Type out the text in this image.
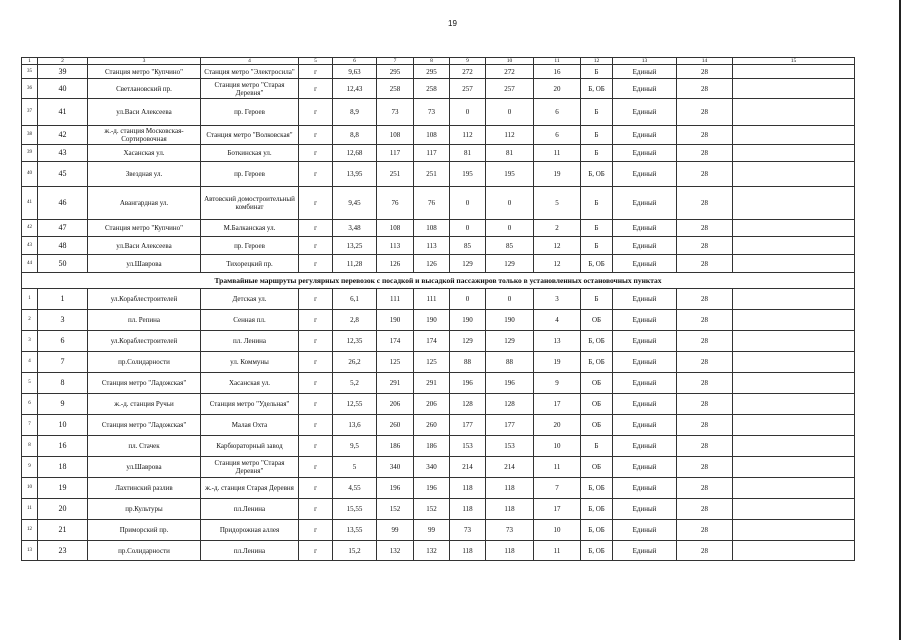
19
1	2	3	4	5	6	7	8	9	10	11	12	13	14	15
35	39	Станция метро "Купчино"	Станция метро "Электросила"	г	9,63	295	295	272	272	16	Б	Единый	28	
36	40	Светлановский пр.	Станция метро "Старая Деревня"	г	12,43	258	258	257	257	20	Б, ОБ	Единый	28	
37	41	ул.Васи Алексеева	пр. Героев	г	8,9	73	73	0	0	6	Б	Единый	28	
38	42	ж.-д. станция Московская-Сортировочная	Станция метро "Волковская"	г	8,8	108	108	112	112	6	Б	Единый	28	
39	43	Хасанская ул.	Боткинская ул.	г	12,68	117	117	81	81	11	Б	Единый	28	
40	45	Звездная ул.	пр. Героев	г	13,95	251	251	195	195	19	Б, ОБ	Единый	28	
41	46	Авангардная ул.	Автовский домостроительный комбинат	г	9,45	76	76	0	0	5	Б	Единый	28	
42	47	Станция метро "Купчино"	М.Балканская ул.	г	3,48	108	108	0	0	2	Б	Единый	28	
43	48	ул.Васи Алексеева	пр. Героев	г	13,25	113	113	85	85	12	Б	Единый	28	
44	50	ул.Шаврова	Тихорецкий пр.	г	11,28	126	126	129	129	12	Б, ОБ	Единый	28	
Трамвайные маршруты регулярных перевозок с посадкой и высадкой пассажиров только в установленных остановочных пунктах														
1	1	ул.Кораблестроителей	Детская ул.	г	6,1	111	111	0	0	3	Б	Единый	28	
2	3	пл. Репина	Сенная пл.	г	2,8	190	190	190	190	4	ОБ	Единый	28	
3	6	ул.Кораблестроителей	пл. Ленина	г	12,35	174	174	129	129	13	Б, ОБ	Единый	28	
4	7	пр.Солидарности	ул. Коммуны	г	26,2	125	125	88	88	19	Б, ОБ	Единый	28	
5	8	Станция метро "Ладожская"	Хасанская ул.	г	5,2	291	291	196	196	9	ОБ	Единый	28	
6	9	ж.-д. станция Ручьи	Станция метро "Удельная"	г	12,55	206	206	128	128	17	ОБ	Единый	28	
7	10	Станция метро "Ладожская"	Малая Охта	г	13,6	260	260	177	177	20	ОБ	Единый	28	
8	16	пл. Стачек	Карбюраторный завод	г	9,5	186	186	153	153	10	Б	Единый	28	
9	18	ул.Шаврова	Станция метро "Старая Деревня"	г	5	340	340	214	214	11	ОБ	Единый	28	
10	19	Лахтинский разлив	ж.-д. станция Старая Деревня	г	4,55	196	196	118	118	7	Б, ОБ	Единый	28	
11	20	пр.Культуры	пл.Ленина	г	15,55	152	152	118	118	17	Б, ОБ	Единый	28	
12	21	Приморский пр.	Придорожная аллея	г	13,55	99	99	73	73	10	Б, ОБ	Единый	28	
13	23	пр.Солидарности	пл.Ленина	г	15,2	132	132	118	118	11	Б, ОБ	Единый	28	
